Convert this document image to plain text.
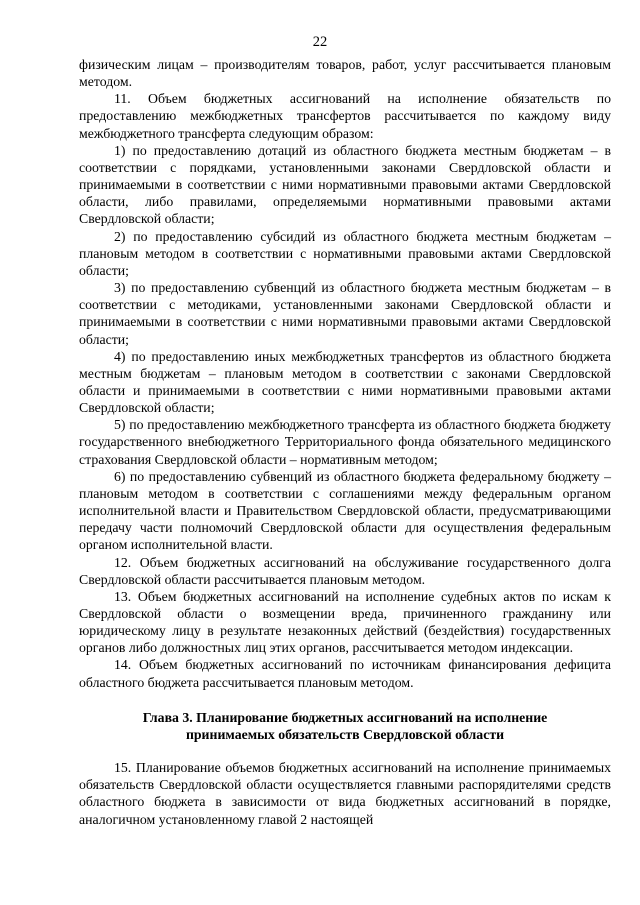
22

физическим лицам – производителям товаров, работ, услуг рассчитывается плановым методом.

11. Объем бюджетных ассигнований на исполнение обязательств по предоставлению межбюджетных трансфертов рассчитывается по каждому виду межбюджетного трансферта следующим образом:

1) по предоставлению дотаций из областного бюджета местным бюджетам – в соответствии с порядками, установленными законами Свердловской области и принимаемыми в соответствии с ними нормативными правовыми актами Свердловской области, либо правилами, определяемыми нормативными правовыми актами Свердловской области;

2) по предоставлению субсидий из областного бюджета местным бюджетам – плановым методом в соответствии с нормативными правовыми актами Свердловской области;

3) по предоставлению субвенций из областного бюджета местным бюджетам – в соответствии с методиками, установленными законами Свердловской области и принимаемыми в соответствии с ними нормативными правовыми актами Свердловской области;

4) по предоставлению иных межбюджетных трансфертов из областного бюджета местным бюджетам – плановым методом в соответствии с законами Свердловской области и принимаемыми в соответствии с ними нормативными правовыми актами Свердловской области;

5) по предоставлению межбюджетного трансферта из областного бюджета бюджету государственного внебюджетного Территориального фонда обязательного медицинского страхования Свердловской области – нормативным методом;

6) по предоставлению субвенций из областного бюджета федеральному бюджету – плановым методом в соответствии с соглашениями между федеральным органом исполнительной власти и Правительством Свердловской области, предусматривающими передачу части полномочий Свердловской области для осуществления федеральным органом исполнительной власти.

12. Объем бюджетных ассигнований на обслуживание государственного долга Свердловской области рассчитывается плановым методом.

13. Объем бюджетных ассигнований на исполнение судебных актов по искам к Свердловской области о возмещении вреда, причиненного гражданину или юридическому лицу в результате незаконных действий (бездействия) государственных органов либо должностных лиц этих органов, рассчитывается методом индексации.

14. Объем бюджетных ассигнований по источникам финансирования дефицита областного бюджета рассчитывается плановым методом.

Глава 3. Планирование бюджетных ассигнований на исполнение
принимаемых обязательств Свердловской области

15. Планирование объемов бюджетных ассигнований на исполнение принимаемых обязательств Свердловской области осуществляется главными распорядителями средств областного бюджета в зависимости от вида бюджетных ассигнований в порядке, аналогичном установленному главой 2 настоящей
